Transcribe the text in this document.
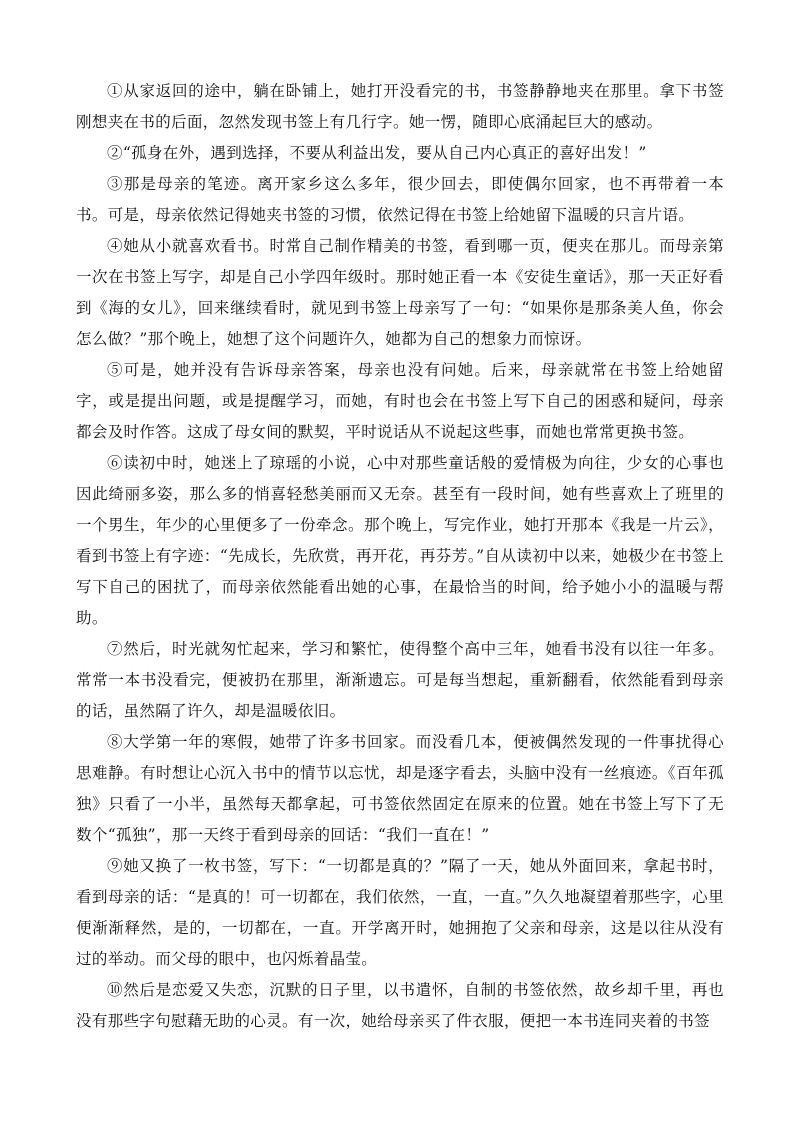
①从家返回的途中，躺在卧铺上，她打开没看完的书，书签静静地夹在那里。拿下书签刚想夹在书的后面，忽然发现书签上有几行字。她一愣，随即心底涌起巨大的感动。

②“孤身在外，遇到选择，不要从利益出发，要从自己内心真正的喜好出发！”

③那是母亲的笔迹。离开家乡这么多年，很少回去，即使偶尔回家，也不再带着一本书。可是，母亲依然记得她夹书签的习惯，依然记得在书签上给她留下温暖的只言片语。

④她从小就喜欢看书。时常自己制作精美的书签，看到哪一页，便夹在那儿。而母亲第一次在书签上写字，却是自己小学四年级时。那时她正看一本《安徒生童话》，那一天正好看到《海的女儿》，回来继续看时，就见到书签上母亲写了一句：“如果你是那条美人鱼，你会怎么做？”那个晚上，她想了这个问题许久，她都为自己的想象力而惊讶。

⑤可是，她并没有告诉母亲答案，母亲也没有问她。后来，母亲就常在书签上给她留字，或是提出问题，或是提醒学习，而她，有时也会在书签上写下自己的困惑和疑问，母亲都会及时作答。这成了母女间的默契，平时说话从不说起这些事，而她也常常更换书签。

⑥读初中时，她迷上了琼瑶的小说，心中对那些童话般的爱情极为向往，少女的心事也因此绮丽多姿，那么多的悄喜轻愁美丽而又无奈。甚至有一段时间，她有些喜欢上了班里的一个男生，年少的心里便多了一份牵念。那个晚上，写完作业，她打开那本《我是一片云》，看到书签上有字迹：“先成长，先欣赏，再开花，再芬芳。”自从读初中以来，她极少在书签上写下自己的困扰了，而母亲依然能看出她的心事，在最恰当的时间，给予她小小的温暖与帮助。

⑦然后，时光就匆忙起来，学习和繁忙，使得整个高中三年，她看书没有以往一年多。常常一本书没看完，便被扔在那里，渐渐遗忘。可是每当想起，重新翻看，依然能看到母亲的话，虽然隔了许久，却是温暖依旧。

⑧大学第一年的寒假，她带了许多书回家。而没看几本，便被偶然发现的一件事扰得心思难静。有时想让心沉入书中的情节以忘忧，却是逐字看去，头脑中没有一丝痕迹。《百年孤独》只看了一小半，虽然每天都拿起，可书签依然固定在原来的位置。她在书签上写下了无数个“孤独”，那一天终于看到母亲的回话：“我们一直在！”

⑨她又换了一枚书签，写下：“一切都是真的？”隔了一天，她从外面回来，拿起书时，看到母亲的话：“是真的！可一切都在，我们依然，一直，一直。”久久地凝望着那些字，心里便渐渐释然，是的，一切都在，一直。开学离开时，她拥抱了父亲和母亲，这是以往从没有过的举动。而父母的眼中，也闪烁着晶莹。

⑩然后是恋爱又失恋，沉默的日子里，以书遣怀，自制的书签依然，故乡却千里，再也没有那些字句慰藉无助的心灵。有一次，她给母亲买了件衣服，便把一本书连同夹着的书签
